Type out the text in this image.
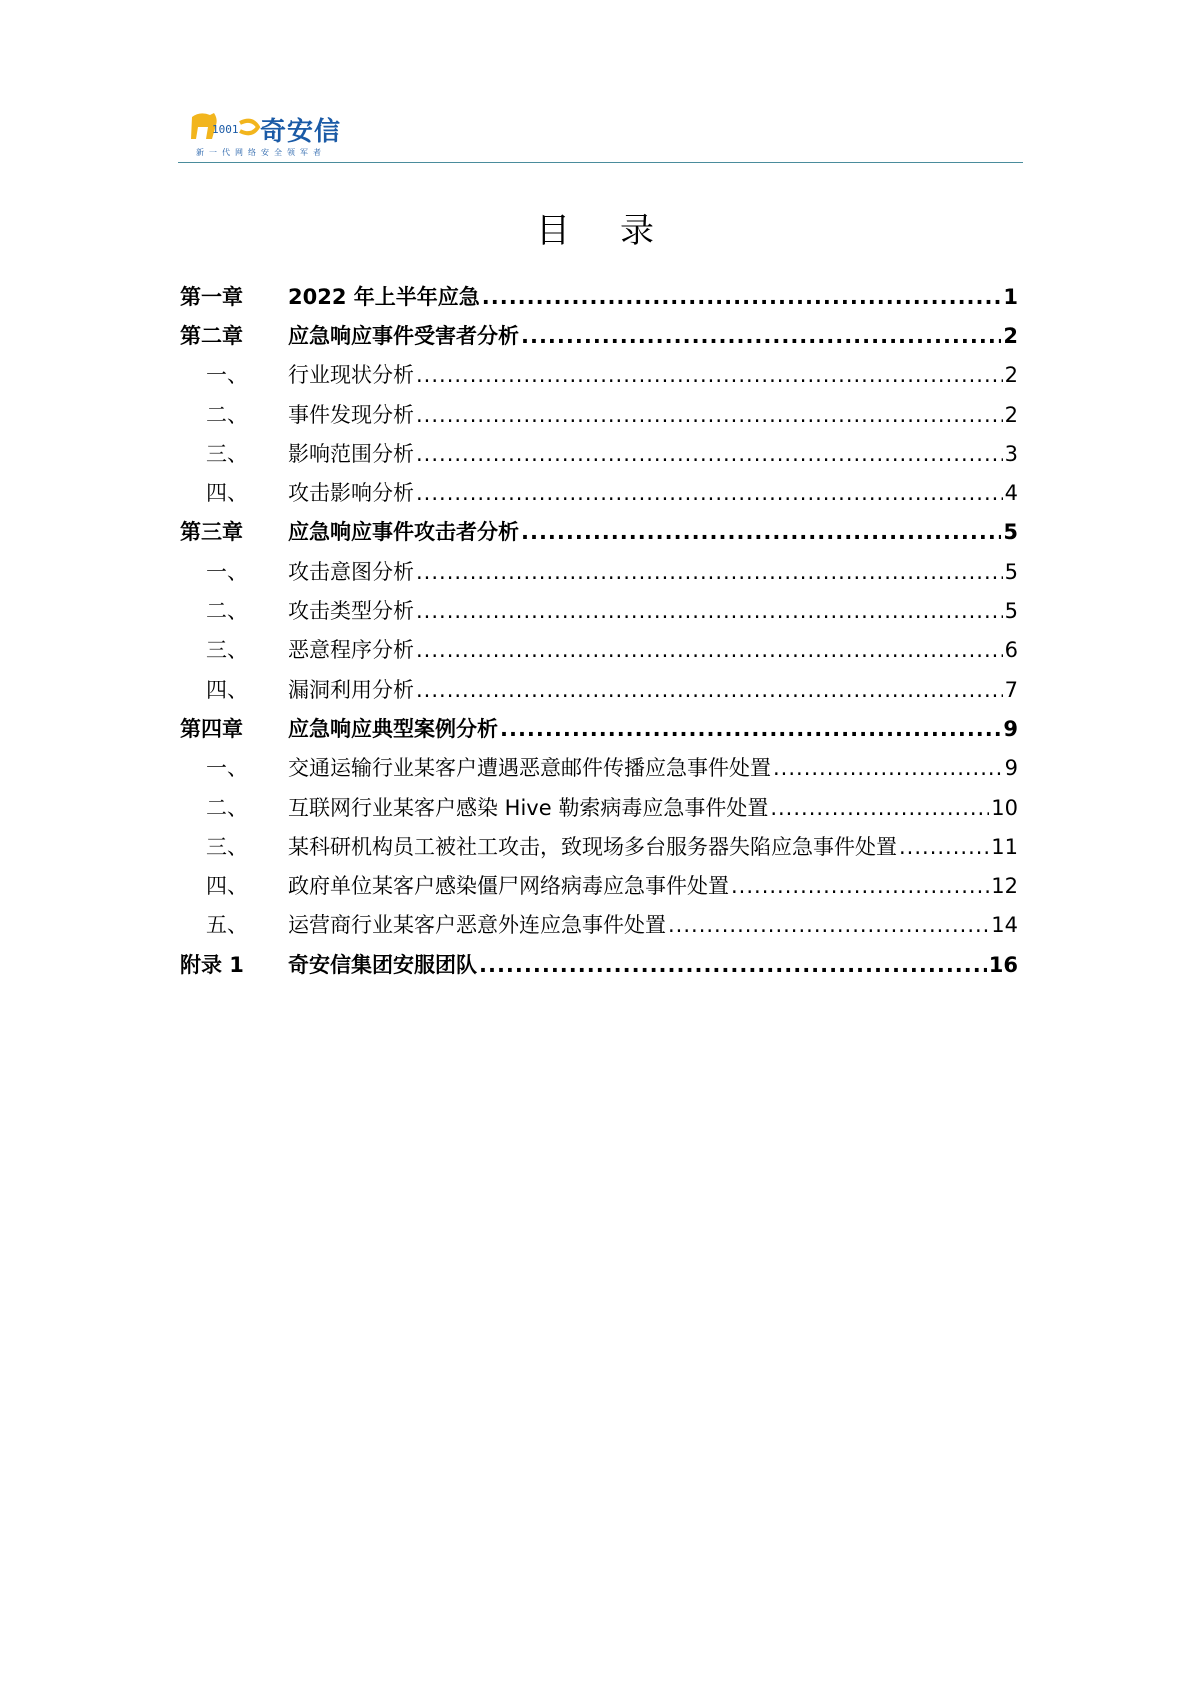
1001 奇安信
新一代网络安全领军者
目录
第一章	2022 年上半年应急 .....	1
第二章	应急响应事件受害者分析 .....	2
一、	行业现状分析 .....	2
二、	事件发现分析 .....	2
三、	影响范围分析 .....	3
四、	攻击影响分析 .....	4
第三章	应急响应事件攻击者分析 .....	5
一、	攻击意图分析 .....	5
二、	攻击类型分析 .....	5
三、	恶意程序分析 .....	6
四、	漏洞利用分析 .....	7
第四章	应急响应典型案例分析 .....	9
一、	交通运输行业某客户遭遇恶意邮件传播应急事件处置 .....	9
二、	互联网行业某客户感染 Hive 勒索病毒应急事件处置 .....	10
三、	某科研机构员工被社工攻击，致现场多台服务器失陷应急事件处置 .....	11
四、	政府单位某客户感染僵尸网络病毒应急事件处置 .....	12
五、	运营商行业某客户恶意外连应急事件处置 .....	14
附录 1	奇安信集团安服团队 .....	16
